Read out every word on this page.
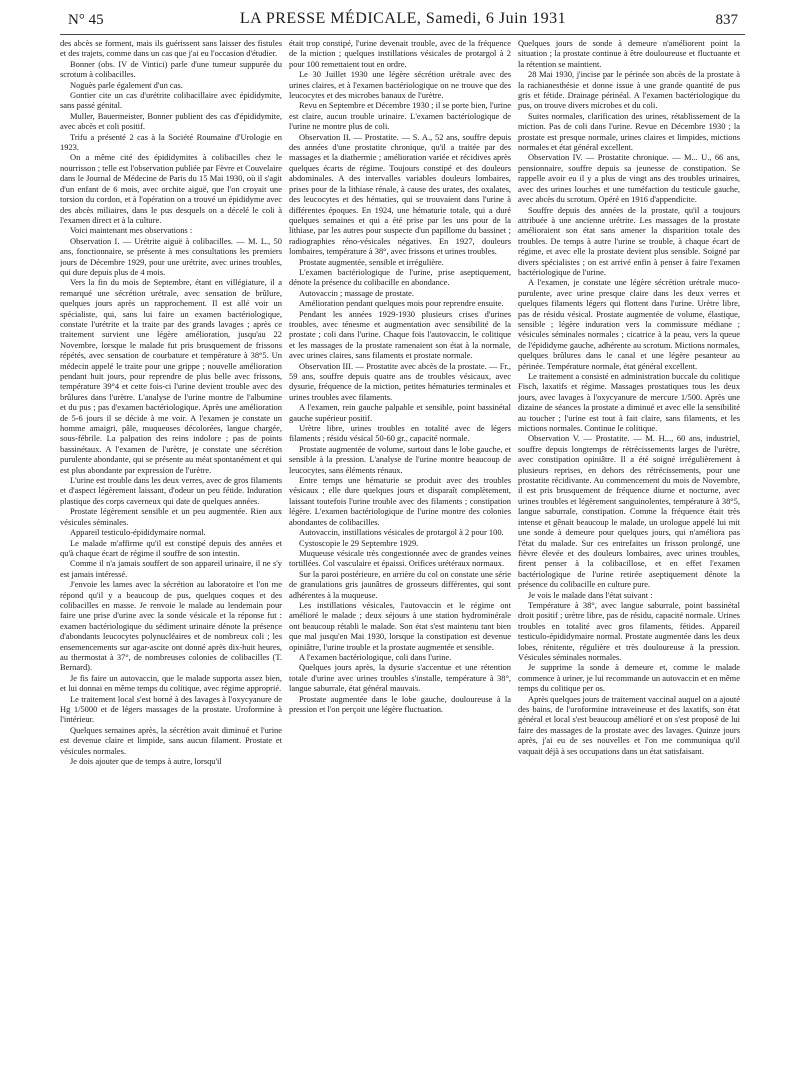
N° 45	LA PRESSE MÉDICALE, Samedi, 6 Juin 1931	837

des abcès se forment, mais ils guérissent sans laisser des fistules et des trajets, comme dans un cas que j'ai eu l'occasion d'étudier.

Bonner (obs. IV de Vintici) parle d'une tumeur suppurée du scrotum à colibacilles.

Noguès parle également d'un cas.

Gontier cite un cas d'urétrite colibacillaire avec épididymite, sans passé génital.

Muller, Bauermeister, Bonner publient des cas d'épididymite, avec abcès et coli positif.

Trifu a présenté 2 cas à la Société Roumaine d'Urologie en 1923.

On a même cité des épididymites à colibacilles chez le nourrisson ; telle est l'observation publiée par Fèvre et Couvelaire dans le Journal de Médecine de Paris du 15 Mai 1930, où il s'agit d'un enfant de 6 mois, avec orchite aiguë, que l'on croyait une torsion du cordon, et à l'opération on a trouvé un épididyme avec des abcès miliaires, dans le pus desquels on a décelé le coli à l'examen direct et à la culture.

Voici maintenant mes observations :

Observation I. — Urétrite aiguë à colibacilles. — M. L., 50 ans, fonctionnaire, se présente à mes consultations les premiers jours de Décembre 1929, pour une urétrite, avec urines troubles, qui dure depuis plus de 4 mois.

Vers la fin du mois de Septembre, étant en villégiature, il a remarqué une sécrétion urétrale, avec sensation de brûlure, quelques jours après un rapprochement. Il est allé voir un spécialiste, qui, sans lui faire un examen bactériologique, constate l'urétrite et la traite par des grands lavages ; après ce traitement survient une légère amélioration, jusqu'au 22 Novembre, lorsque le malade fut pris brusquement de frissons répétés, avec sensation de courbature et température à 38°5. Un médecin appelé le traite pour une grippe ; nouvelle amélioration pendant huit jours, pour reprendre de plus belle avec frissons, température 39°4 et cette fois-ci l'urine devient trouble avec des brûlures dans l'urètre. L'analyse de l'urine montre de l'albumine et du pus ; pas d'examen bactériologique. Après une amélioration de 5-6 jours il se décide à me voir. A l'examen je constate un homme amaigri, pâle, muqueuses décolorées, langue chargée, sous-fébrile. La palpation des reins indolore ; pas de points bassinétaux. A l'examen de l'urètre, je constate une sécrétion purulente abondante, qui se présente au méat spontanément et qui est plus abondante par expression de l'urètre.

L'urine est trouble dans les deux verres, avec de gros filaments et d'aspect légèrement laissant, d'odeur un peu fétide. Induration plastique des corps caverneux qui date de quelques années.

Prostate légèrement sensible et un peu augmentée. Rien aux vésicules séminales.

Appareil testiculo-épididymaire normal.

Le malade m'affirme qu'il est constipé depuis des années et qu'à chaque écart de régime il souffre de son intestin.

Comme il n'a jamais souffert de son appareil urinaire, il ne s'y est jamais intéressé.

J'envoie les lames avec la sécrétion au laboratoire et l'on me répond qu'il y a beaucoup de pus, quelques coques et des colibacilles en masse. Je renvoie le malade au lendemain pour faire une prise d'urine avec la sonde vésicale et la réponse fut : examen bactériologique du sédiment urinaire dénote la présence d'abondants leucocytes polynucléaires et de nombreux coli ; les ensemencements sur agar-ascite ont donné après dix-huit heures, au thermostat à 37°, de nombreuses colonies de colibacilles (T. Bernard).

Je fis faire un autovaccin, que le malade supporta assez bien, et lui donnai en même temps du colitique, avec régime approprié.

Le traitement local s'est borné à des lavages à l'oxycyanure de Hg 1/5000 et de légers massages de la prostate. Uroformine à l'intérieur.

Quelques semaines après, la sécrétion avait diminué et l'urine est devenue claire et limpide, sans aucun filament. Prostate et vésicules normales.

Je dois ajouter que de temps à autre, lorsqu'il

était trop constipé, l'urine devenait trouble, avec de la fréquence de la miction ; quelques instillations vésicales de protargol à 2 pour 100 remettaient tout en ordre.

Le 30 Juillet 1930 une légère sécrétion urétrale avec des urines claires, et à l'examen bactériologique on ne trouve que des leucocytes et des microbes banaux de l'urètre.

Revu en Septembre et Décembre 1930 ; il se porte bien, l'urine est claire, aucun trouble urinaire. L'examen bactériologique de l'urine ne montre plus de coli.

Observation II. — Prostatite. — S. A., 52 ans, souffre depuis des années d'une prostatite chronique, qu'il a traitée par des massages et la diathermie ; amélioration variée et récidives après quelques écarts de régime. Toujours constipé et des douleurs abdominales. A des intervalles variables douleurs lombaires, prises pour de la lithiase rénale, à cause des urates, des oxalates, des leucocytes et des hématies, qui se trouvaient dans l'urine à différentes époques. En 1924, une hématurie totale, qui a duré quelques semaines et qui a été prise par les uns pour de la lithiase, par les autres pour suspecte d'un papillome du bassinet ; radiographies réno-vésicales négatives. En 1927, douleurs lombaires, température à 38°, avec frissons et urines troubles.

Prostate augmentée, sensible et irrégulière.

L'examen bactériologique de l'urine, prise aseptiquement, dénote la présence du colibacille en abondance.

Autovaccin ; massage de prostate.

Amélioration pendant quelques mois pour reprendre ensuite.

Pendant les années 1929-1930 plusieurs crises d'urines troubles, avec ténesme et augmentation avec sensibilité de la prostate ; coli dans l'urine. Chaque fois l'autovaccin, le colitique et les massages de la prostate ramenaient son état à la normale, avec urines claires, sans filaments et prostate normale.

Observation III. — Prostatite avec abcès de la prostate. — Fr., 59 ans, souffre depuis quatre ans de troubles vésicaux, avec dysurie, fréquence de la miction, petites hématuries terminales et urines troubles avec filaments.

A l'examen, rein gauche palpable et sensible, point bassinétal gauche supérieur positif.

Urètre libre, urines troubles en totalité avec de légers filaments ; résidu vésical 50-60 gr., capacité normale.

Prostate augmentée de volume, surtout dans le lobe gauche, et sensible à la pression. L'analyse de l'urine montre beaucoup de leucocytes, sans éléments rénaux.

Entre temps une hématurie se produit avec des troubles vésicaux ; elle dure quelques jours et disparaît complètement, laissant toutefois l'urine trouble avec des filaments ; constipation légère. L'examen bactériologique de l'urine montre des colonies abondantes de colibacilles.

Autovaccin, instillations vésicales de protargol à 2 pour 100.

Cystoscopie le 29 Septembre 1929.

Muqueuse vésicale très congestionnée avec de grandes veines tortillées. Col vasculaire et épaissi. Orifices urétéraux normaux.

Sur la paroi postérieure, en arrière du col on constate une série de granulations gris jaunâtres de grosseurs différentes, qui sont adhérentes à la muqueuse.

Les instillations vésicales, l'autovaccin et le régime ont amélioré le malade ; deux séjours à une station hydrominérale ont beaucoup rétabli le malade. Son état s'est maintenu tant bien que mal jusqu'en Mai 1930, lorsque la constipation est devenue opiniâtre, l'urine trouble et la prostate augmentée et sensible.

A l'examen bactériologique, coli dans l'urine.

Quelques jours après, la dysurie s'accentue et une rétention totale d'urine avec urines troubles s'installe, température à 38°, langue saburrale, état général mauvais.

Prostate augmentée dans le lobe gauche, douloureuse à la pression et l'on perçoit une légère fluctuation.

Quelques jours de sonde à demeure n'améliorent point la situation ; la prostate continue à être douloureuse et fluctuante et la rétention se maintient.

28 Mai 1930, j'incise par le périnée son abcès de la prostate à la rachianesthésie et donne issue à une grande quantité de pus gris et fétide. Drainage périnéal. A l'examen bactériologique du pus, on trouve divers microbes et du coli.

Suites normales, clarification des urines, rétablissement de la miction. Pas de coli dans l'urine. Revue en Décembre 1930 ; la prostate est presque normale, urines claires et limpides, mictions normales et état général excellent.

Observation IV. — Prostatite chronique. — M... U., 66 ans, pensionnaire, souffre depuis sa jeunesse de constipation. Se rappelle avoir eu il y a plus de vingt ans des troubles urinaires, avec des urines louches et une tuméfaction du testicule gauche, avec abcès du scrotum. Opéré en 1916 d'appendicite.

Souffre depuis des années de la prostate, qu'il a toujours attribuée à une ancienne urétrite. Les massages de la prostate amélioraient son état sans amener la disparition totale des troubles. De temps à autre l'urine se trouble, à chaque écart de régime, et avec elle la prostate devient plus sensible. Soigné par divers spécialistes ; on est arrivé enfin à penser à faire l'examen bactériologique de l'urine.

A l'examen, je constate une légère sécrétion urétrale muco-purulente, avec urine presque claire dans les deux verres et quelques filaments légers qui flottent dans l'urine. Urètre libre, pas de résidu vésical. Prostate augmentée de volume, élastique, sensible ; légère induration vers la commissure médiane ; vésicules séminales normales ; cicatrice à la peau, vers la queue de l'épididyme gauche, adhérente au scrotum. Mictions normales, quelques brûlures dans le canal et une légère pesanteur au périnée. Température normale, état général excellent.

Le traitement a consisté en administration buccale du colitique Fisch, laxatifs et régime. Massages prostatiques tous les deux jours, avec lavages à l'oxycyanure de mercure 1/500. Après une dizaine de séances la prostate a diminué et avec elle la sensibilité au toucher ; l'urine est tout à fait claire, sans filaments, et les mictions normales. Continue le colitique.

Observation V. — Prostatite. — M. H..., 60 ans, industriel, souffre depuis longtemps de rétrécissements larges de l'urètre, avec constipation opiniâtre. Il a été soigné irrégulièrement à plusieurs reprises, en dehors des rétrécissements, pour une prostatite récidivante. Au commencement du mois de Novembre, il est pris brusquement de fréquence diurne et nocturne, avec urines troubles et légèrement sanguinolentes, température à 38°5, langue saburrale, constipation. Comme la fréquence était très intense et gênait beaucoup le malade, un urologue appelé lui mit une sonde à demeure pour quelques jours, qui n'améliora pas l'état du malade. Sur ces entrefaites un frisson prolongé, une fièvre élevée et des douleurs lombaires, avec urines troubles, firent penser à la colibacillose, et en effet l'examen bactériologique de l'urine retirée aseptiquement dénote la présence du colibacille en culture pure.

Je vois le malade dans l'état suivant :

Température à 38°, avec langue saburrale, point bassinétal droit positif ; urètre libre, pas de résidu, capacité normale. Urines troubles en totalité avec gros filaments, fétides. Appareil testiculo-épididymaire normal. Prostate augmentée dans les deux lobes, rénitente, régulière et très douloureuse à la pression. Vésicules séminales normales.

Je supprime la sonde à demeure et, comme le malade commence à uriner, je lui recommande un autovaccin et en même temps du colitique per os.

Après quelques jours de traitement vaccinal auquel on a ajouté des bains, de l'uroformine intraveineuse et des laxatifs, son état général et local s'est beaucoup amélioré et on s'est proposé de lui faire des massages de la prostate avec des lavages. Quinze jours après, j'ai eu de ses nouvelles et l'on me communiqua qu'il vaquait déjà à ses occupations dans un état satisfaisant.
